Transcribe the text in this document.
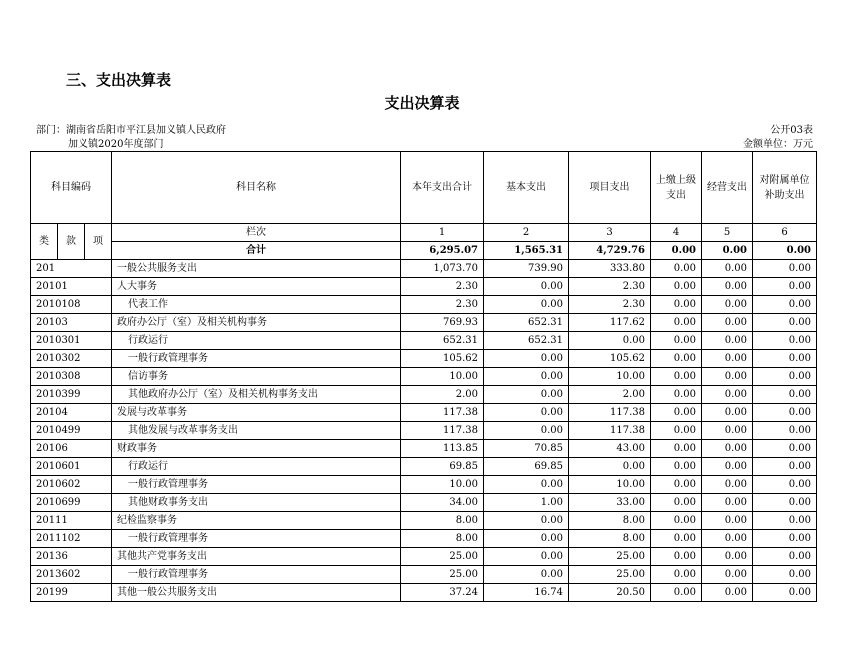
三、支出决算表
支出决算表
部门：湖南省岳阳市平江县加义镇人民政府
加义镇2020年度部门
公开03表
金额单位：万元
科目编码			科目名称	本年支出合计	基本支出	项目支出	上缴上级支出	经营支出	对附属单位补助支出
类	款	项	栏次	1	2	3	4	5	6
			合计	6,295.07	1,565.31	4,729.76	0.00	0.00	0.00
201			一般公共服务支出	1,073.70	739.90	333.80	0.00	0.00	0.00
20101			人大事务	2.30	0.00	2.30	0.00	0.00	0.00
2010108			代表工作	2.30	0.00	2.30	0.00	0.00	0.00
20103			政府办公厅（室）及相关机构事务	769.93	652.31	117.62	0.00	0.00	0.00
2010301			行政运行	652.31	652.31	0.00	0.00	0.00	0.00
2010302			一般行政管理事务	105.62	0.00	105.62	0.00	0.00	0.00
2010308			信访事务	10.00	0.00	10.00	0.00	0.00	0.00
2010399			其他政府办公厅（室）及相关机构事务支出	2.00	0.00	2.00	0.00	0.00	0.00
20104			发展与改革事务	117.38	0.00	117.38	0.00	0.00	0.00
2010499			其他发展与改革事务支出	117.38	0.00	117.38	0.00	0.00	0.00
20106			财政事务	113.85	70.85	43.00	0.00	0.00	0.00
2010601			行政运行	69.85	69.85	0.00	0.00	0.00	0.00
2010602			一般行政管理事务	10.00	0.00	10.00	0.00	0.00	0.00
2010699			其他财政事务支出	34.00	1.00	33.00	0.00	0.00	0.00
20111			纪检监察事务	8.00	0.00	8.00	0.00	0.00	0.00
2011102			一般行政管理事务	8.00	0.00	8.00	0.00	0.00	0.00
20136			其他共产党事务支出	25.00	0.00	25.00	0.00	0.00	0.00
2013602			一般行政管理事务	25.00	0.00	25.00	0.00	0.00	0.00
20199			其他一般公共服务支出	37.24	16.74	20.50	0.00	0.00	0.00
